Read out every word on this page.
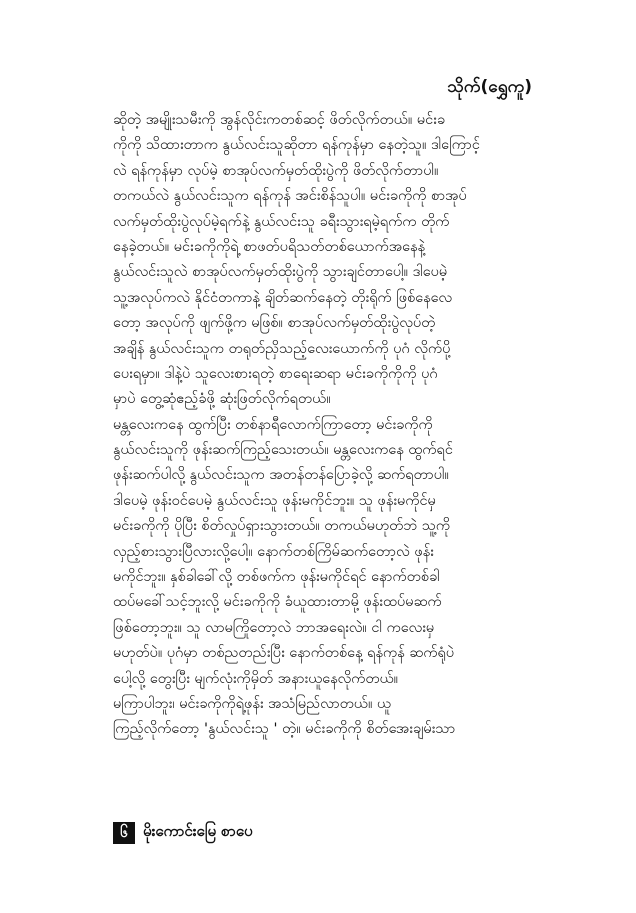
သိုက်(ရွှေကူ)
ဆိုတဲ့ အမျိုးသမီးကို အွန်လိုင်းကတစ်ဆင့် ဖိတ်လိုက်တယ်။ မင်းခ
ကိုကို သိထားတာက နွယ်လင်းသူဆိုတာ ရန်ကုန်မှာ နေတဲ့သူ။ ဒါကြောင့်
လဲ ရန်ကုန်မှာ လုပ်မဲ့ စာအုပ်လက်မှတ်ထိုးပွဲကို ဖိတ်လိုက်တာပါ။
တကယ်လဲ နွယ်လင်းသူက ရန်ကုန် အင်းစိန်သူပါ။ မင်းခကိုကို စာအုပ်
လက်မှတ်ထိုးပွဲလုပ်မဲ့ရက်နဲ့ နွယ်လင်းသူ ခရီးသွားရမဲ့ရက်က တိုက်
နေခဲ့တယ်။ မင်းခကိုကိုရဲ့ စာဖတ်ပရိသတ်တစ်ယောက်အနေနဲ့
နွယ်လင်းသူလဲ စာအုပ်လက်မှတ်ထိုးပွဲကို သွားချင်တာပေါ့။ ဒါပေမဲ့
သူ့အလုပ်ကလဲ နိုင်ငံတကာနဲ့ ချိတ်ဆက်နေတဲ့ တိုးရိုက် ဖြစ်နေလေ
တော့ အလုပ်ကို ဖျက်ဖို့က မဖြစ်။ စာအုပ်လက်မှတ်ထိုးပွဲလုပ်တဲ့
အချိန် နွယ်လင်းသူက တရုတ်ညှိသည့်လေးယောက်ကို ပုဂံ လိုက်ပို့
ပေးရမှာ။ ဒါနဲ့ပဲ သူလေးစားရတဲ့ စာရေးဆရာ မင်းခကိုကိုကို ပုဂံ
မှာပဲ တွေ့ဆုံဧည့်ခံဖို့ ဆုံးဖြတ်လိုက်ရတယ်။
မန္တလေးကနေ ထွက်ပြီး တစ်နာရီလောက်ကြာတော့ မင်းခကိုကို
နွယ်လင်းသူကို ဖုန်းဆက်ကြည့်သေးတယ်။ မန္တလေးကနေ ထွက်ရင်
ဖုန်းဆက်ပါလို့ နွယ်လင်းသူက အတန်တန်ပြောခဲ့လို့ ဆက်ရတာပါ။
ဒါပေမဲ့ ဖုန်းဝင်ပေမဲ့ နွယ်လင်းသူ ဖုန်းမကိုင်ဘူး။ သူ ဖုန်းမကိုင်မှ
မင်းခကိုကို ပိုပြီး စိတ်လှုပ်ရှားသွားတယ်။ တကယ်မဟုတ်ဘဲ သူ့ကို
လှည့်စားသွားပြီလားလို့ပေါ့။ နောက်တစ်ကြိမ်ဆက်တော့လဲ ဖုန်း
မကိုင်ဘူး။ နှစ်ခါခေါ်လို့ တစ်ဖက်က ဖုန်းမကိုင်ရင် နောက်တစ်ခါ
ထပ်မခေါ်သင့်ဘူးလို့ မင်းခကိုကို ခံယူထားတာမို့ ဖုန်းထပ်မဆက်
ဖြစ်တော့ဘူး။ သူ လာမကြိုတော့လဲ ဘာအရေးလဲ။ ငါ ကလေးမှ
မဟုတ်ပဲ။ ပုဂံမှာ တစ်ညတည်းပြီး နောက်တစ်နေ့ ရန်ကုန် ဆက်ရုံပဲ
ပေါ့လို့ တွေးပြီး မျက်လုံးကိုမှိတ် အနားယူနေလိုက်တယ်။
မကြာပါဘူး၊ မင်းခကိုကိုရဲ့ဖုန်း အသံမြည်လာတယ်။ ယူ
ကြည့်လိုက်တော့ 'နွယ်လင်းသူ ' တဲ့။ မင်းခကိုကို စိတ်အေးချမ်းသာ
၆	မိုးကောင်းမြေ စာပေ
